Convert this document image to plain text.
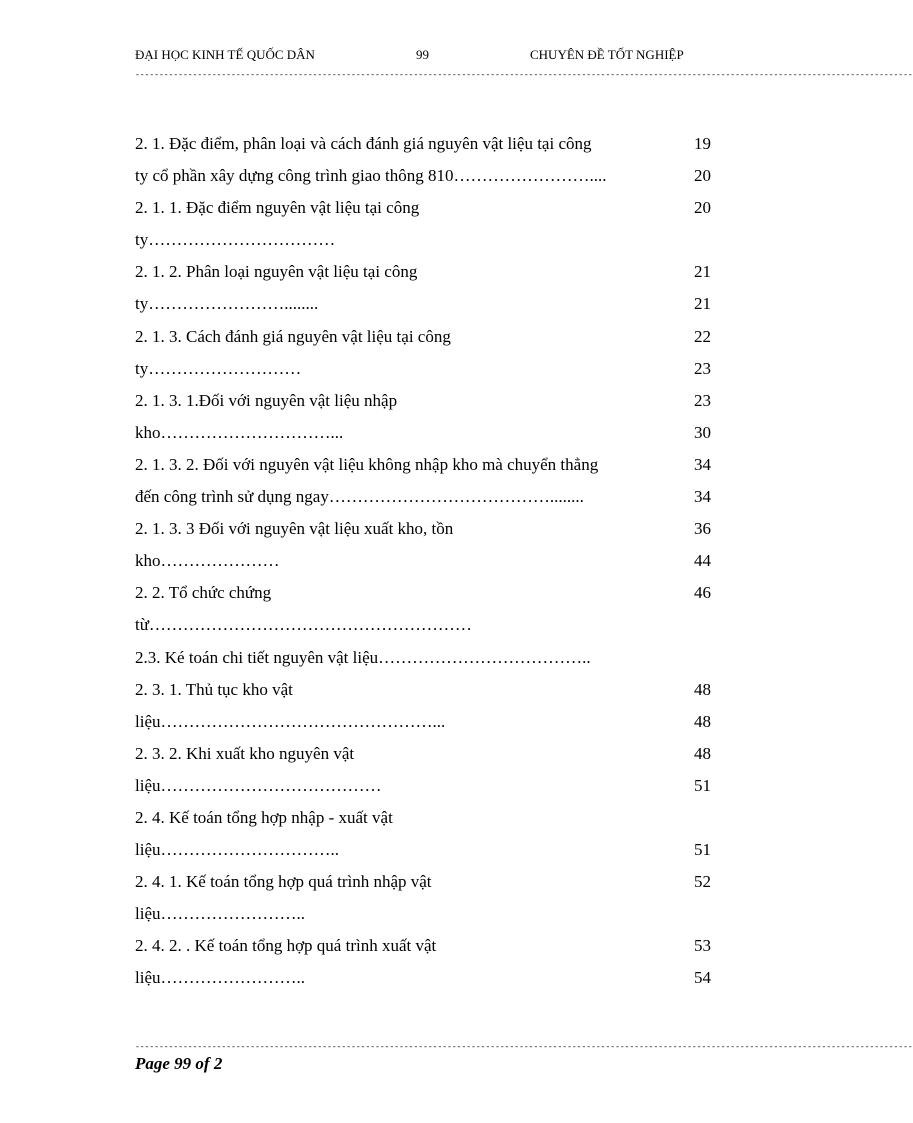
ĐẠI HỌC KINH TẾ QUỐC DÂN	99	CHUYÊN ĐỀ TỐT NGHIỆP
------------------------------------------------------------------------------------------------------------------------------------------------------------------
2. 1. Đặc điểm, phân loại và cách đánh giá nguyên vật liệu tại công	19
ty cổ phần xây dựng công trình giao thông 810……………………....	20
2. 1. 1. Đặc điểm nguyên vật liệu tại công	20
ty……………………………
2. 1. 2. Phân loại nguyên vật liệu tại công	21
ty……………………........	21
2. 1. 3. Cách đánh giá nguyên vật liệu tại công	22
ty………………………	23
2. 1. 3. 1.Đối với nguyên vật liệu nhập	23
kho…………………………...	30
2. 1. 3. 2. Đối với nguyên vật liệu không nhập kho mà chuyển thẳng	34
đến công trình sử dụng ngay…………………………………........	34
2. 1. 3. 3 Đối với nguyên vật liệu xuất kho, tồn	36
kho…………………	44
2. 2. Tổ chức chứng	46
từ…………………………………………………
2.3. Ké toán chi tiết nguyên vật liệu………………………………..
2. 3. 1. Thủ tục kho vật	48
liệu…………………………………………...	48
2. 3. 2. Khi xuất kho nguyên vật	48
liệu…………………………………	51
2. 4. Kế toán tổng hợp nhập - xuất vật
liệu…………………………..	51
2. 4. 1. Kế toán tổng hợp quá trình nhập vật	52
liệu……………………..
2. 4. 2. . Kế toán tổng hợp quá trình xuất vật	53
liệu……………………..	54
------------------------------------------------------------------------------------------------------------------------------------------------------------------
Page 99 of 2
